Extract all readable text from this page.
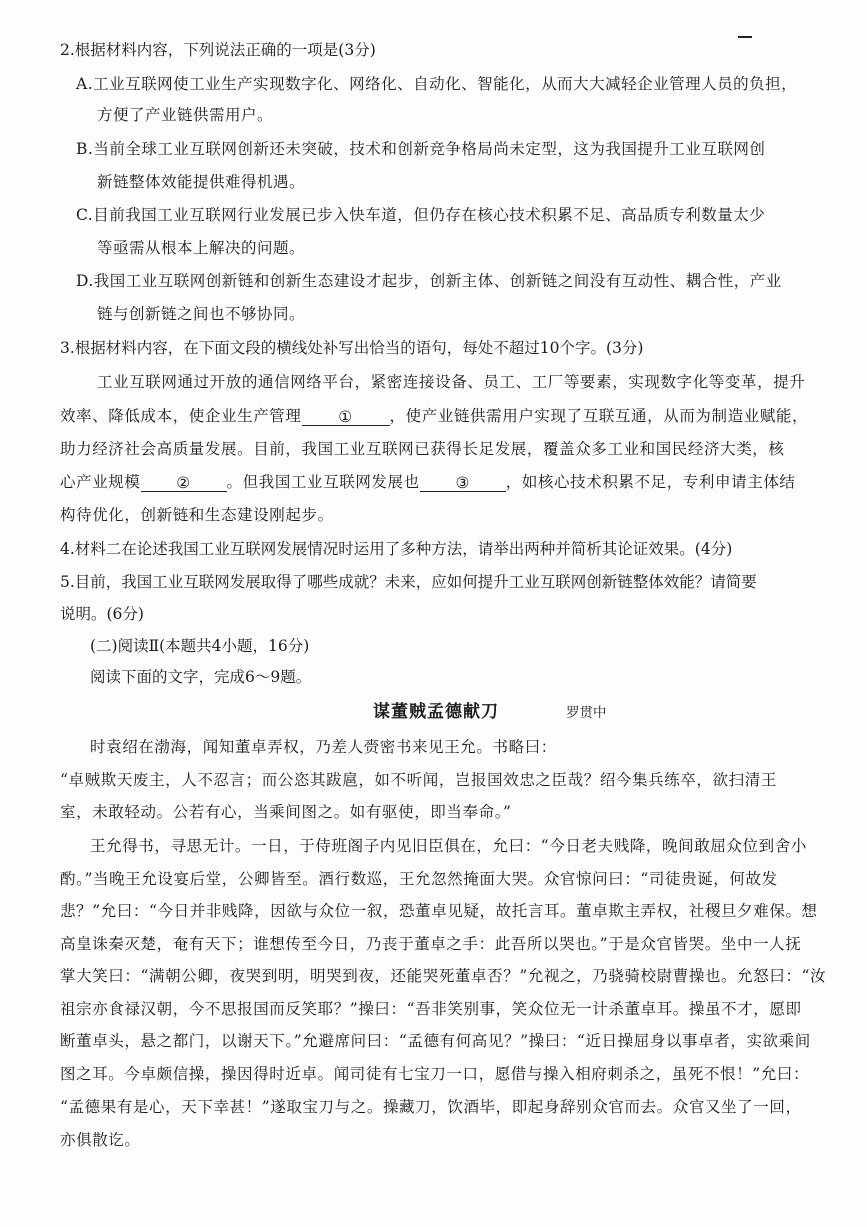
2.根据材料内容，下列说法正确的一项是(3分)
A.工业互联网使工业生产实现数字化、网络化、自动化、智能化，从而大大减轻企业管理人员的负担，
方便了产业链供需用户。
B.当前全球工业互联网创新还未突破，技术和创新竞争格局尚未定型，这为我国提升工业互联网创
新链整体效能提供难得机遇。
C.目前我国工业互联网行业发展已步入快车道，但仍存在核心技术积累不足、高品质专利数量太少
等亟需从根本上解决的问题。
D.我国工业互联网创新链和创新生态建设才起步，创新主体、创新链之间没有互动性、耦合性，产业
链与创新链之间也不够协同。
3.根据材料内容，在下面文段的横线处补写出恰当的语句，每处不超过10个字。(3分)
工业互联网通过开放的通信网络平台，紧密连接设备、员工、工厂等要素，实现数字化等变革，提升
效率、降低成本，使企业生产管理 ① ，使产业链供需用户实现了互联互通，从而为制造业赋能，
助力经济社会高质量发展。目前，我国工业互联网已获得长足发展，覆盖众多工业和国民经济大类，核
心产业规模 ② 。但我国工业互联网发展也 ③ ，如核心技术积累不足，专利申请主体结
构待优化，创新链和生态建设刚起步。
4.材料二在论述我国工业互联网发展情况时运用了多种方法，请举出两种并简析其论证效果。(4分)
5.目前，我国工业互联网发展取得了哪些成就？未来，应如何提升工业互联网创新链整体效能？请简要
说明。(6分)
(二)阅读Ⅱ(本题共4小题，16分)
阅读下面的文字，完成6～9题。
谋董贼孟德献刀	罗贯中
时袁绍在渤海，闻知董卓弄权，乃差人赍密书来见王允。书略曰：
“卓贼欺天废主，人不忍言；而公恣其跋扈，如不听闻，岂报国效忠之臣哉？绍今集兵练卒，欲扫清王
室，未敢轻动。公若有心，当乘间图之。如有驱使，即当奉命。”
王允得书，寻思无计。一日，于侍班阁子内见旧臣俱在，允曰：“今日老夫贱降，晚间敢屈众位到舍小
酌。”当晚王允设宴后堂，公卿皆至。酒行数巡，王允忽然掩面大哭。众官惊问曰：“司徒贵诞，何故发
悲？”允曰：“今日并非贱降，因欲与众位一叙，恐董卓见疑，故托言耳。董卓欺主弄权，社稷旦夕难保。想
高皇诛秦灭楚，奄有天下；谁想传至今日，乃丧于董卓之手：此吾所以哭也。”于是众官皆哭。坐中一人抚
掌大笑曰：“满朝公卿，夜哭到明，明哭到夜，还能哭死董卓否？”允视之，乃骁骑校尉曹操也。允怒曰：“汝
祖宗亦食禄汉朝，今不思报国而反笑耶？”操曰：“吾非笑别事，笑众位无一计杀董卓耳。操虽不才，愿即
断董卓头，悬之都门，以谢天下。”允避席问曰：“孟德有何高见？”操曰：“近日操屈身以事卓者，实欲乘间
图之耳。今卓颇信操，操因得时近卓。闻司徒有七宝刀一口，愿借与操入相府刺杀之，虽死不恨！”允曰：
“孟德果有是心，天下幸甚！”遂取宝刀与之。操藏刀，饮酒毕，即起身辞别众官而去。众官又坐了一回，
亦俱散讫。
